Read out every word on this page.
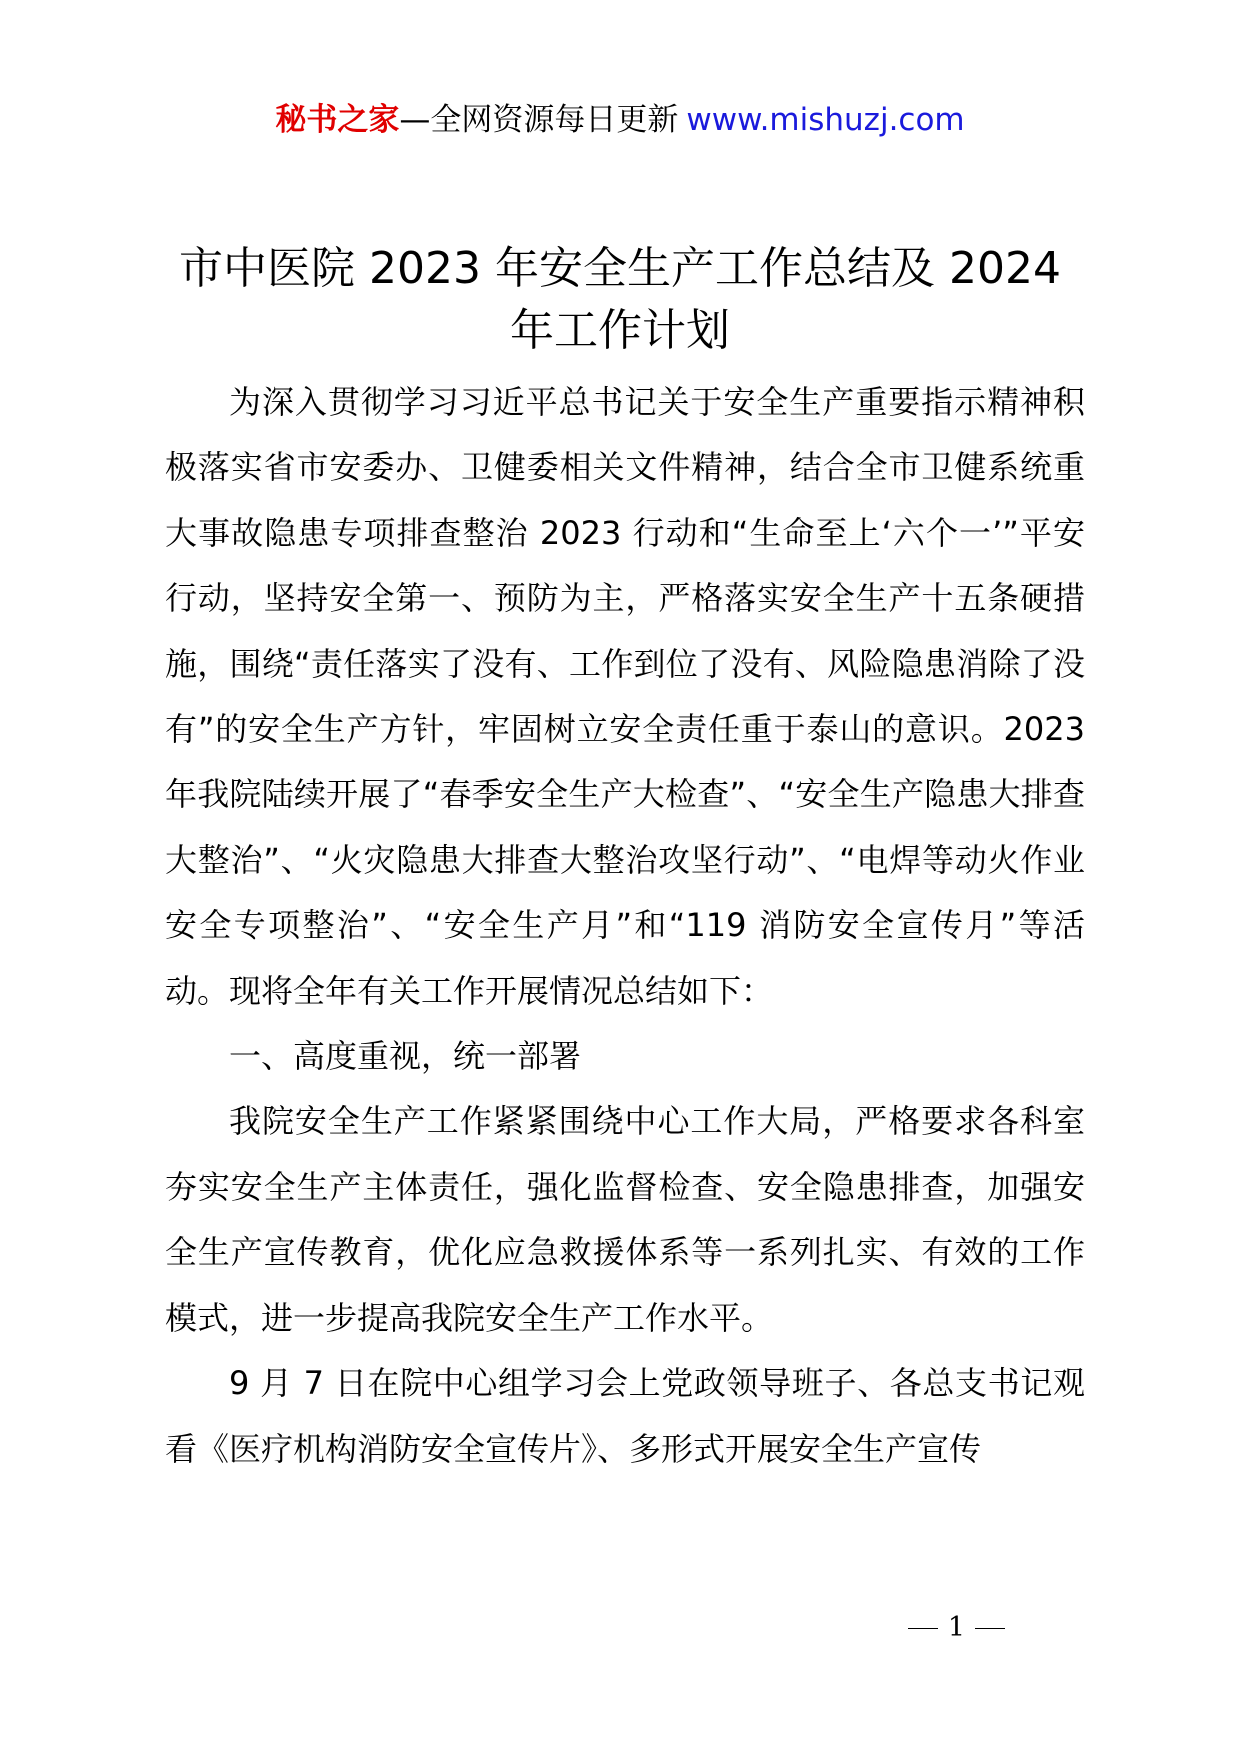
秘书之家—全网资源每日更新 www.mishuzj.com
市中医院 2023 年安全生产工作总结及 2024
年工作计划

为深入贯彻学习习近平总书记关于安全生产重要指示精神积极落实省市安委办、卫健委相关文件精神，结合全市卫健系统重大事故隐患专项排查整治 2023 行动和“生命至上‘六个一’”平安行动，坚持安全第一、预防为主，严格落实安全生产十五条硬措施，围绕“责任落实了没有、工作到位了没有、风险隐患消除了没有”的安全生产方针，牢固树立安全责任重于泰山的意识。2023 年我院陆续开展了“春季安全生产大检查”、“安全生产隐患大排查大整治”、“火灾隐患大排查大整治攻坚行动”、“电焊等动火作业安全专项整治”、“安全生产月”和“119 消防安全宣传月”等活动。现将全年有关工作开展情况总结如下：

一、高度重视，统一部署

我院安全生产工作紧紧围绕中心工作大局，严格要求各科室夯实安全生产主体责任，强化监督检查、安全隐患排查，加强安全生产宣传教育，优化应急救援体系等一系列扎实、有效的工作模式，进一步提高我院安全生产工作水平。

9 月 7 日在院中心组学习会上党政领导班子、各总支书记观看《医疗机构消防安全宣传片》、多形式开展安全生产宣传

1
